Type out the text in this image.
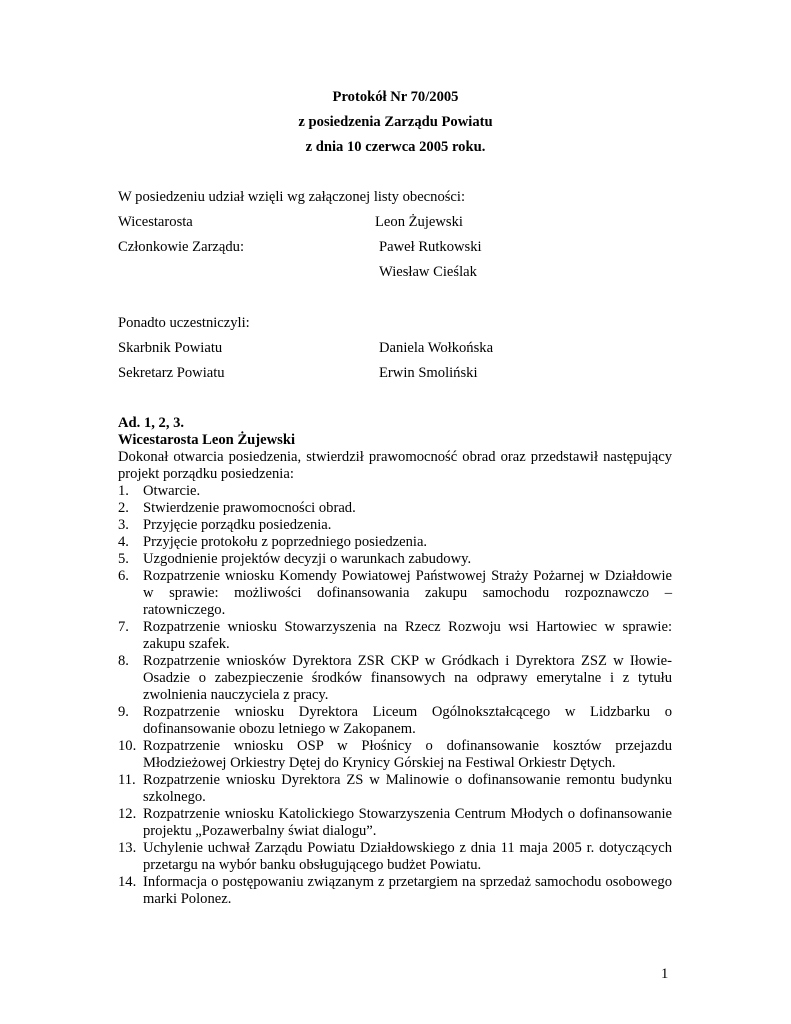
Protokół Nr 70/2005
z posiedzenia Zarządu Powiatu
z dnia 10 czerwca 2005 roku.
W posiedzeniu udział wzięli wg załączonej listy obecności:
Wicestarosta	Leon Żujewski
Członkowie Zarządu:	Paweł Rutkowski
Wiesław Cieślak
Ponadto uczestniczyli:
Skarbnik Powiatu	Daniela Wołkońska
Sekretarz Powiatu	Erwin Smoliński
Ad. 1, 2, 3.
Wicestarosta Leon Żujewski
Dokonał otwarcia posiedzenia, stwierdził prawomocność obrad oraz przedstawił następujący projekt porządku posiedzenia:
1. Otwarcie.
2. Stwierdzenie prawomocności obrad.
3. Przyjęcie porządku posiedzenia.
4. Przyjęcie protokołu z poprzedniego posiedzenia.
5. Uzgodnienie projektów decyzji o warunkach zabudowy.
6. Rozpatrzenie wniosku Komendy Powiatowej Państwowej Straży Pożarnej w Działdowie w sprawie: możliwości dofinansowania zakupu samochodu rozpoznawczo – ratowniczego.
7. Rozpatrzenie wniosku Stowarzyszenia na Rzecz Rozwoju wsi Hartowiec w sprawie: zakupu szafek.
8. Rozpatrzenie wniosków Dyrektora ZSR CKP w Gródkach i Dyrektora ZSZ w Iłowie-Osadzie o zabezpieczenie środków finansowych na odprawy emerytalne i z tytułu zwolnienia nauczyciela z pracy.
9. Rozpatrzenie wniosku Dyrektora Liceum Ogólnokształcącego w Lidzbarku o dofinansowanie obozu letniego w Zakopanem.
10. Rozpatrzenie wniosku OSP w Płośnicy o dofinansowanie kosztów przejazdu Młodzieżowej Orkiestry Dętej do Krynicy Górskiej na Festiwal Orkiestr Dętych.
11. Rozpatrzenie wniosku Dyrektora ZS w Malinowie o dofinansowanie remontu budynku szkolnego.
12. Rozpatrzenie wniosku Katolickiego Stowarzyszenia Centrum Młodych o dofinansowanie projektu „Pozawerbalny świat dialogu”.
13. Uchylenie uchwał Zarządu Powiatu Działdowskiego z dnia 11 maja 2005 r. dotyczących przetargu na wybór banku obsługującego budżet Powiatu.
14. Informacja o postępowaniu związanym z przetargiem na sprzedaż samochodu osobowego marki Polonez.
1
